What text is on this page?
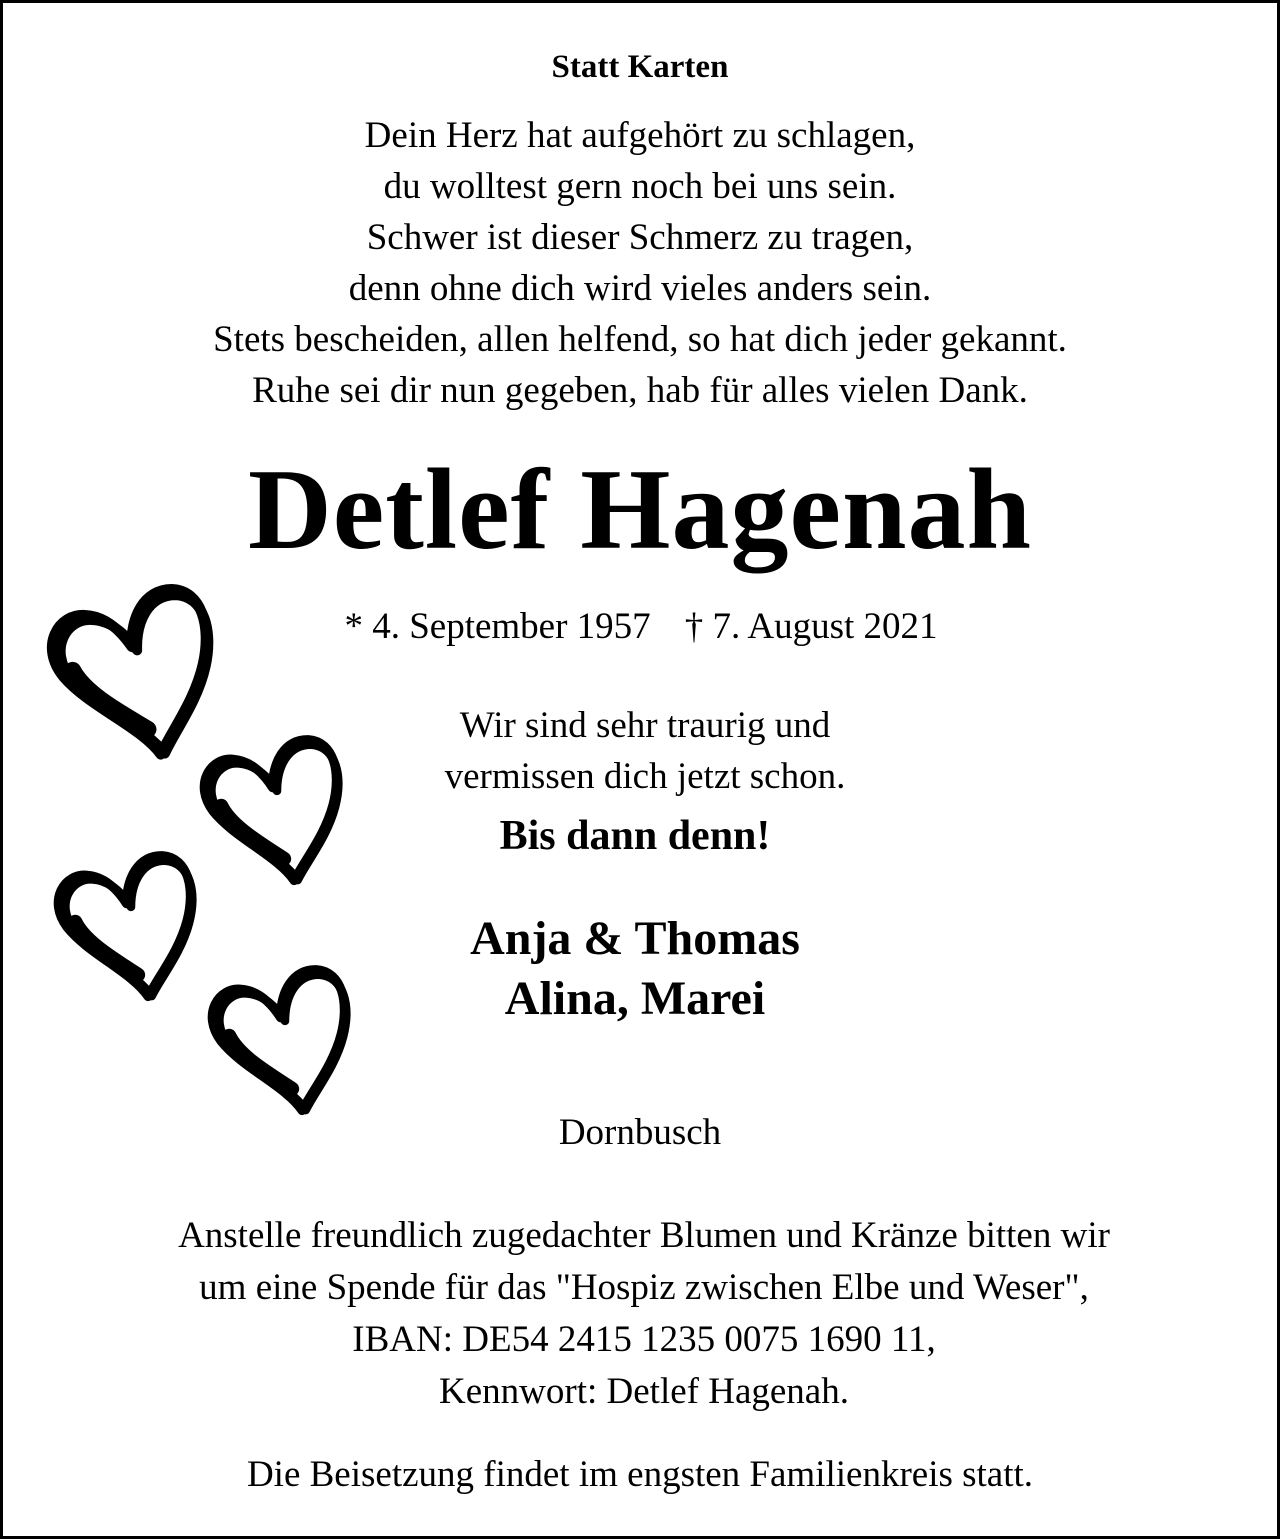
Statt Karten
Dein Herz hat aufgehört zu schlagen,
du wolltest gern noch bei uns sein.
Schwer ist dieser Schmerz zu tragen,
denn ohne dich wird vieles anders sein.
Stets bescheiden, allen helfend, so hat dich jeder gekannt.
Ruhe sei dir nun gegeben, hab für alles vielen Dank.
Detlef Hagenah
* 4. September 1957 † 7. August 2021
Wir sind sehr traurig und
vermissen dich jetzt schon.
Bis dann denn!
Anja & Thomas
Alina, Marei
Dornbusch
Anstelle freundlich zugedachter Blumen und Kränze bitten wir
um eine Spende für das "Hospiz zwischen Elbe und Weser",
IBAN: DE54 2415 1235 0075 1690 11,
Kennwort: Detlef Hagenah.
Die Beisetzung findet im engsten Familienkreis statt.
